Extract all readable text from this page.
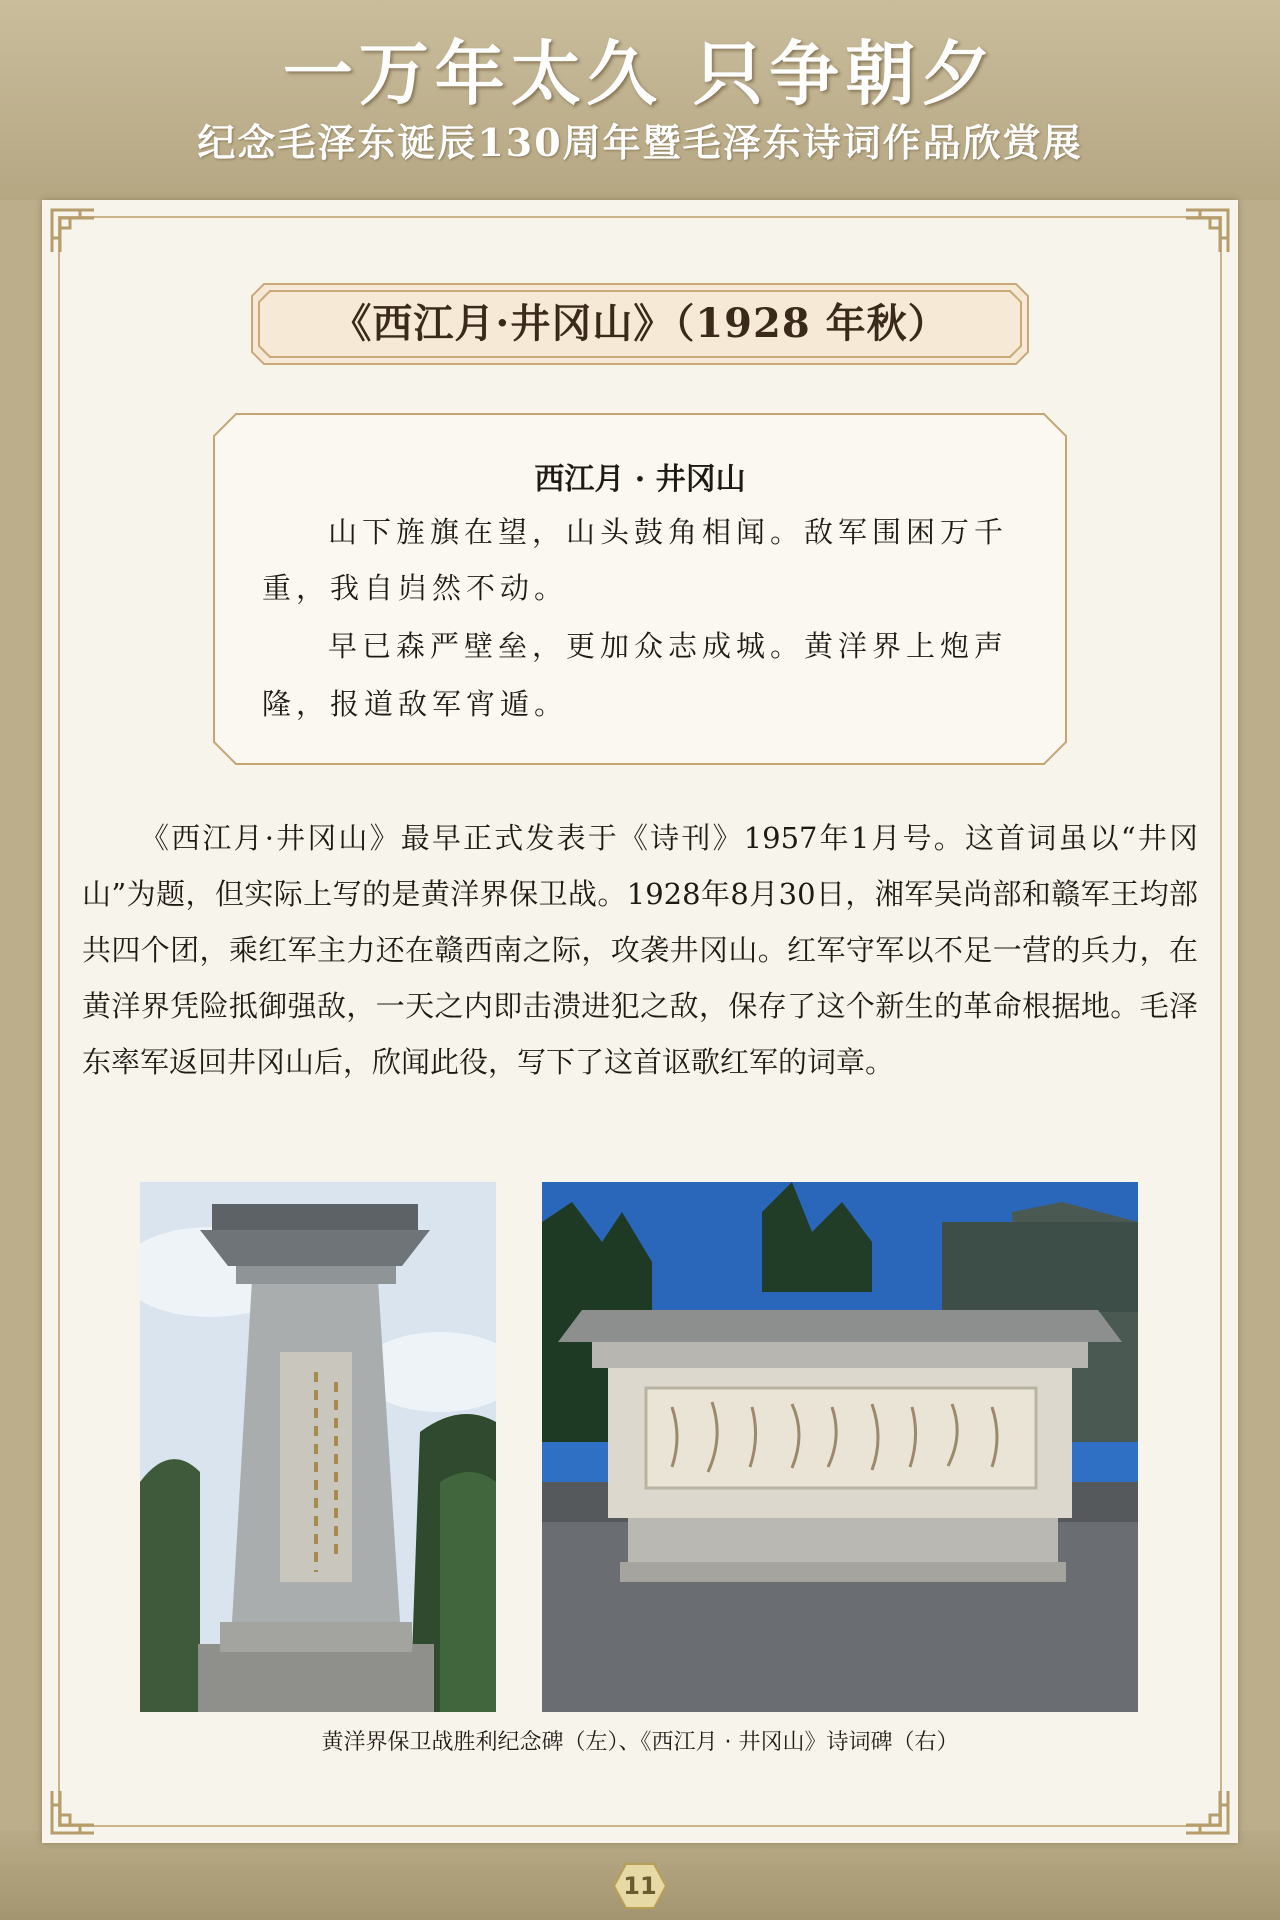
一万年太久 只争朝夕
纪念毛泽东诞辰130周年暨毛泽东诗词作品欣赏展
《西江月·井冈山》（1928 年秋）
西江月 · 井冈山
山下旌旗在望，山头鼓角相闻。敌军围困万千
重，我自岿然不动。
早已森严壁垒，更加众志成城。黄洋界上炮声
隆，报道敌军宵遁。
《西江月·井冈山》最早正式发表于《诗刊》1957年1月号。这首词虽以“井冈山”为题，但实际上写的是黄洋界保卫战。1928年8月30日，湘军吴尚部和赣军王均部共四个团，乘红军主力还在赣西南之际，攻袭井冈山。红军守军以不足一营的兵力，在黄洋界凭险抵御强敌，一天之内即击溃进犯之敌，保存了这个新生的革命根据地。毛泽东率军返回井冈山后，欣闻此役，写下了这首讴歌红军的词章。
黄洋界保卫战胜利纪念碑（左）、《西江月 · 井冈山》诗词碑（右）
11
